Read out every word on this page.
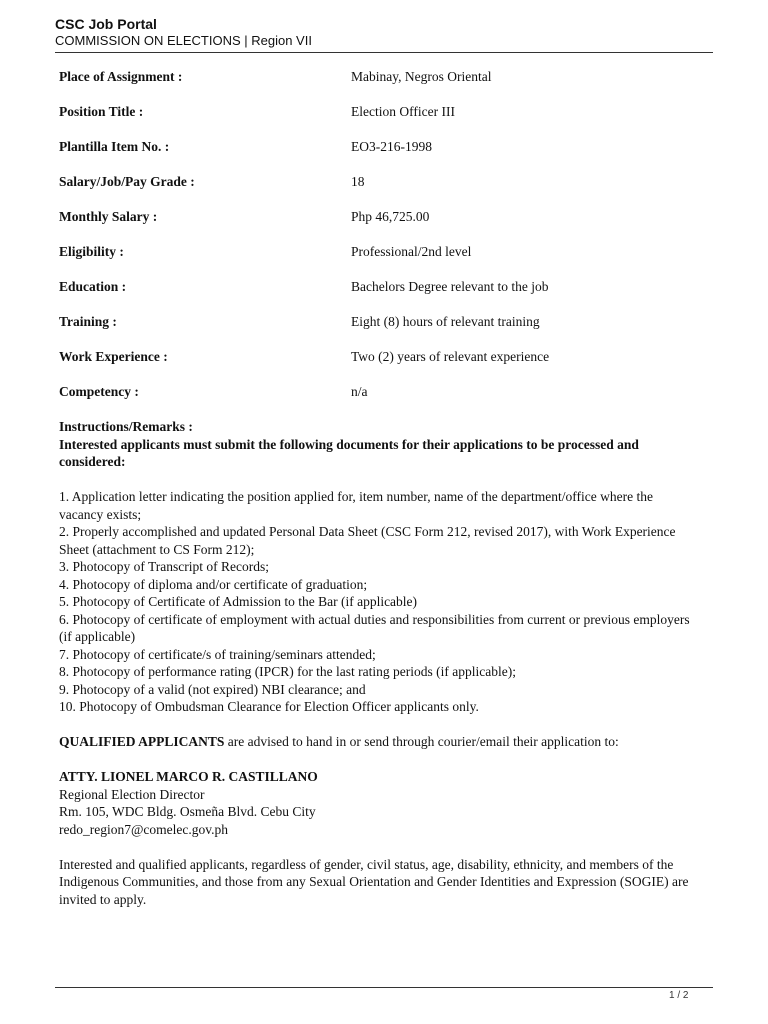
CSC Job Portal
COMMISSION ON ELECTIONS | Region VII
Place of Assignment :	Mabinay, Negros Oriental
Position Title :	Election Officer III
Plantilla Item No. :	EO3-216-1998
Salary/Job/Pay Grade :	18
Monthly Salary :	Php 46,725.00
Eligibility :	Professional/2nd level
Education :	Bachelors Degree relevant to the job
Training :	Eight (8) hours of relevant training
Work Experience :	Two (2) years of relevant experience
Competency :	n/a
Instructions/Remarks :
Interested applicants must submit the following documents for their applications to be processed and considered:
1. Application letter indicating the position applied for, item number, name of the department/office where the vacancy exists;
2. Properly accomplished and updated Personal Data Sheet (CSC Form 212, revised 2017), with Work Experience Sheet (attachment to CS Form 212);
3. Photocopy of Transcript of Records;
4. Photocopy of diploma and/or certificate of graduation;
5. Photocopy of Certificate of Admission to the Bar (if applicable)
6. Photocopy of certificate of employment with actual duties and responsibilities from current or previous employers (if applicable)
7. Photocopy of certificate/s of training/seminars attended;
8. Photocopy of performance rating (IPCR) for the last rating periods (if applicable);
9. Photocopy of a valid (not expired) NBI clearance; and
10. Photocopy of Ombudsman Clearance for Election Officer applicants only.
QUALIFIED APPLICANTS are advised to hand in or send through courier/email their application to:
ATTY. LIONEL MARCO R. CASTILLANO
Regional Election Director
Rm. 105, WDC Bldg. Osmeña Blvd. Cebu City
redo_region7@comelec.gov.ph
Interested and qualified applicants, regardless of gender, civil status, age, disability, ethnicity, and members of the Indigenous Communities, and those from any Sexual Orientation and Gender Identities and Expression (SOGIE) are invited to apply.
1 / 2
